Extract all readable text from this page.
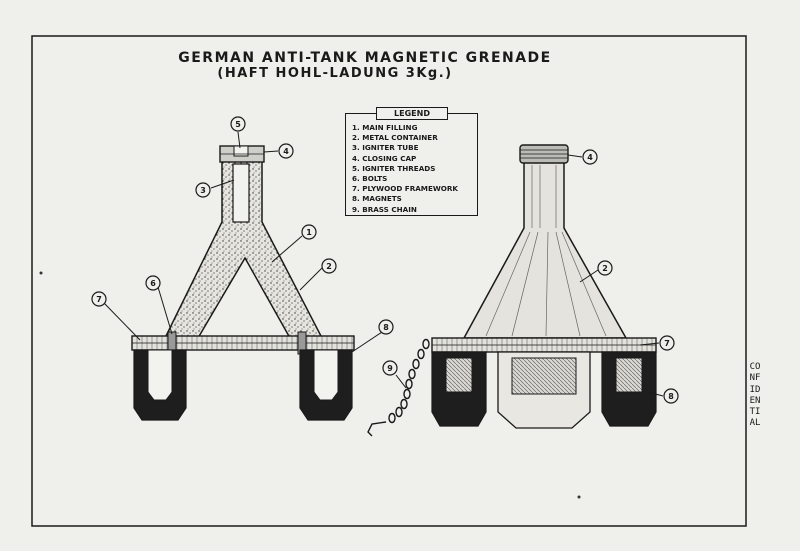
5
4
3
1
2
6
7
8
4
2
7
8
9
GERMAN ANTI-TANK MAGNETIC GRENADE
(HAFT HOHL-LADUNG 3Kg.)
LEGEND
1. MAIN FILLING
2. METAL CONTAINER
3. IGNITER TUBE
4. CLOSING CAP
5. IGNITER THREADS
6. BOLTS
7. PLYWOOD FRAMEWORK
8. MAGNETS
9. BRASS CHAIN
CONFIDENTIAL
